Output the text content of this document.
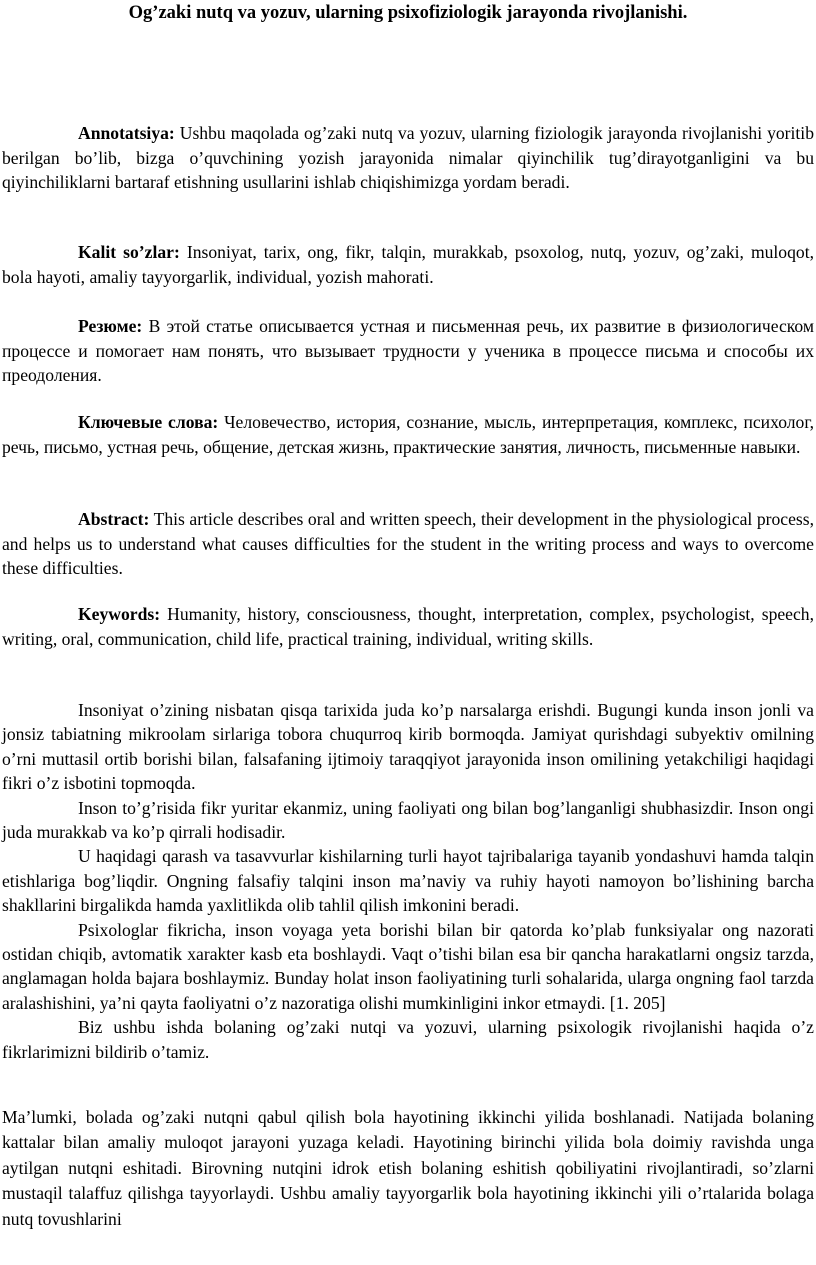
Og’zaki nutq va yozuv, ularning psixofiziologik jarayonda rivojlanishi.

Annotatsiya: Ushbu maqolada og’zaki nutq va yozuv, ularning fiziologik jarayonda rivojlanishi yoritib berilgan bo’lib, bizga o’quvchining yozish jarayonida nimalar qiyinchilik tug’dirayotganligini va bu qiyinchiliklarni bartaraf etishning usullarini ishlab chiqishimizga yordam beradi.

Kalit so’zlar: Insoniyat, tarix, ong, fikr, talqin, murakkab, psoxolog, nutq, yozuv, og’zaki, muloqot, bola hayoti, amaliy tayyorgarlik, individual, yozish mahorati.

Резюме: В этой статье описывается устная и письменная речь, их развитие в физиологическом процессе и помогает нам понять, что вызывает трудности у ученика в процессе письма и способы их преодоления.

Ключевые слова: Человечество, история, сознание, мысль, интерпретация, комплекс, психолог, речь, письмо, устная речь, общение, детская жизнь, практические занятия, личность, письменные навыки.

Abstract: This article describes oral and written speech, their development in the physiological process, and helps us to understand what causes difficulties for the student in the writing process and ways to overcome these difficulties.

Keywords: Humanity, history, consciousness, thought, interpretation, complex, psychologist, speech, writing, oral, communication, child life, practical training, individual, writing skills.

Insoniyat o’zining nisbatan qisqa tarixida juda ko’p narsalarga erishdi. Bugungi kunda inson jonli va jonsiz tabiatning mikroolam sirlariga tobora chuqurroq kirib bormoqda. Jamiyat qurishdagi subyektiv omilning o’rni muttasil ortib borishi bilan, falsafaning ijtimoiy taraqqiyot jarayonida inson omilining yetakchiligi haqidagi fikri o’z isbotini topmoqda.

Inson to’g’risida fikr yuritar ekanmiz, uning faoliyati ong bilan bog’langanligi shubhasizdir. Inson ongi juda murakkab va ko’p qirrali hodisadir.

U haqidagi qarash va tasavvurlar kishilarning turli hayot tajribalariga tayanib yondashuvi hamda talqin etishlariga bog’liqdir. Ongning falsafiy talqini inson ma’naviy va ruhiy hayoti namoyon bo’lishining barcha shakllarini birgalikda hamda yaxlitlikda olib tahlil qilish imkonini beradi.

Psixologlar fikricha, inson voyaga yeta borishi bilan bir qatorda ko’plab funksiyalar ong nazorati ostidan chiqib, avtomatik xarakter kasb eta boshlaydi. Vaqt o’tishi bilan esa bir qancha harakatlarni ongsiz tarzda, anglamagan holda bajara boshlaymiz. Bunday holat inson faoliyatining turli sohalarida, ularga ongning faol tarzda aralashishini, ya’ni qayta faoliyatni o’z nazoratiga olishi mumkinligini inkor etmaydi. [1. 205]

Biz ushbu ishda bolaning og’zaki nutqi va yozuvi, ularning psixologik rivojlanishi haqida o’z fikrlarimizni bildirib o’tamiz.

Ma’lumki, bolada og’zaki nutqni qabul qilish bola hayotining ikkinchi yilida boshlanadi. Natijada bolaning kattalar bilan amaliy muloqot jarayoni yuzaga keladi. Hayotining birinchi yilida bola doimiy ravishda unga aytilgan nutqni eshitadi. Birovning nutqini idrok etish bolaning eshitish qobiliyatini rivojlantiradi, so’zlarni mustaqil talaffuz qilishga tayyorlaydi. Ushbu amaliy tayyorgarlik bola hayotining ikkinchi yili o’rtalarida bolaga nutq tovushlarini
